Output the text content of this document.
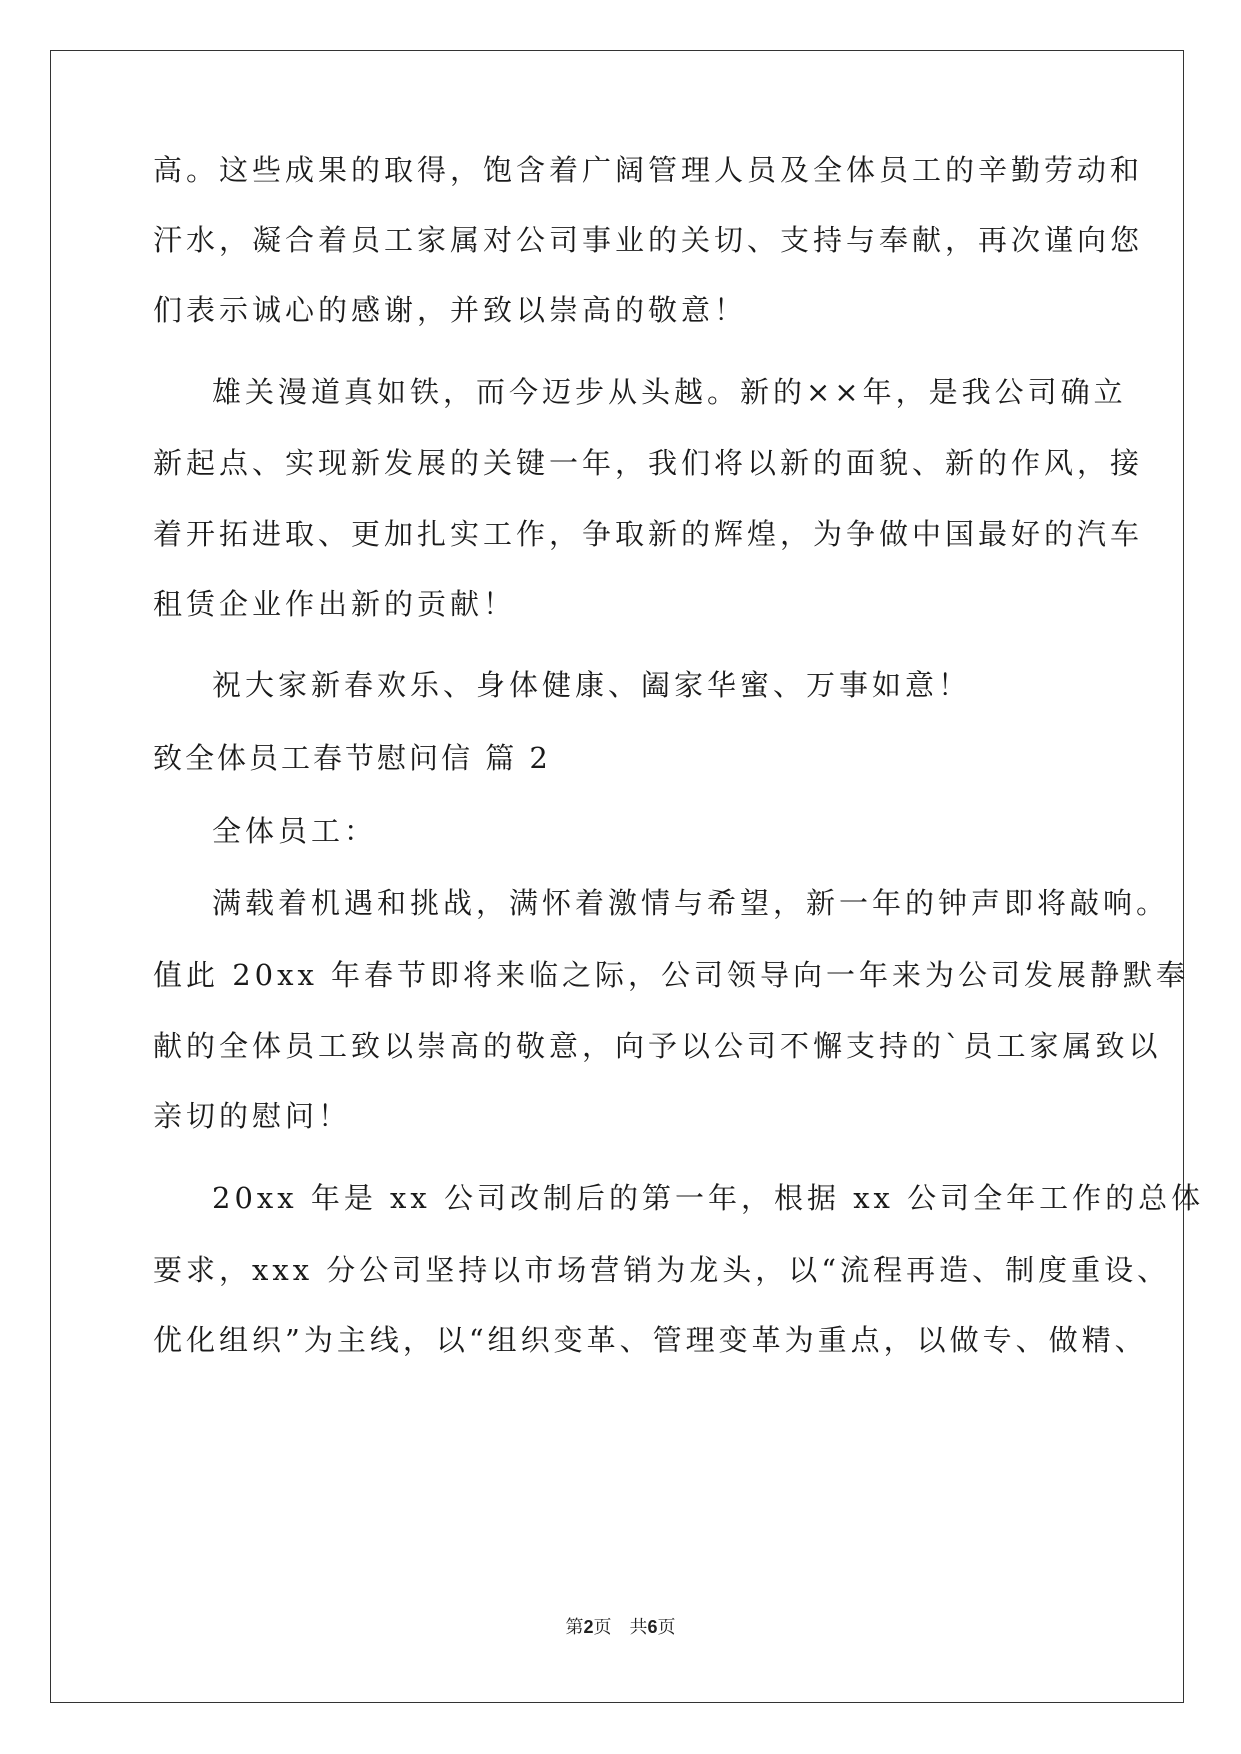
高。这些成果的取得，饱含着广阔管理人员及全体员工的辛勤劳动和
汗水，凝合着员工家属对公司事业的关切、支持与奉献，再次谨向您
们表示诚心的感谢，并致以崇高的敬意！
雄关漫道真如铁，而今迈步从头越。新的××年，是我公司确立
新起点、实现新发展的关键一年，我们将以新的面貌、新的作风，接
着开拓进取、更加扎实工作，争取新的辉煌，为争做中国最好的汽车
租赁企业作出新的贡献！
祝大家新春欢乐、身体健康、阖家华蜜、万事如意！
致全体员工春节慰问信 篇 2
全体员工：
满载着机遇和挑战，满怀着激情与希望，新一年的钟声即将敲响。
值此 20xx 年春节即将来临之际，公司领导向一年来为公司发展静默奉
献的全体员工致以崇高的敬意，向予以公司不懈支持的`员工家属致以
亲切的慰问！
20xx 年是 xx 公司改制后的第一年，根据 xx 公司全年工作的总体
要求，xxx 分公司坚持以市场营销为龙头，以“流程再造、制度重设、
优化组织”为主线，以“组织变革、管理变革为重点，以做专、做精、
第2页　共6页
